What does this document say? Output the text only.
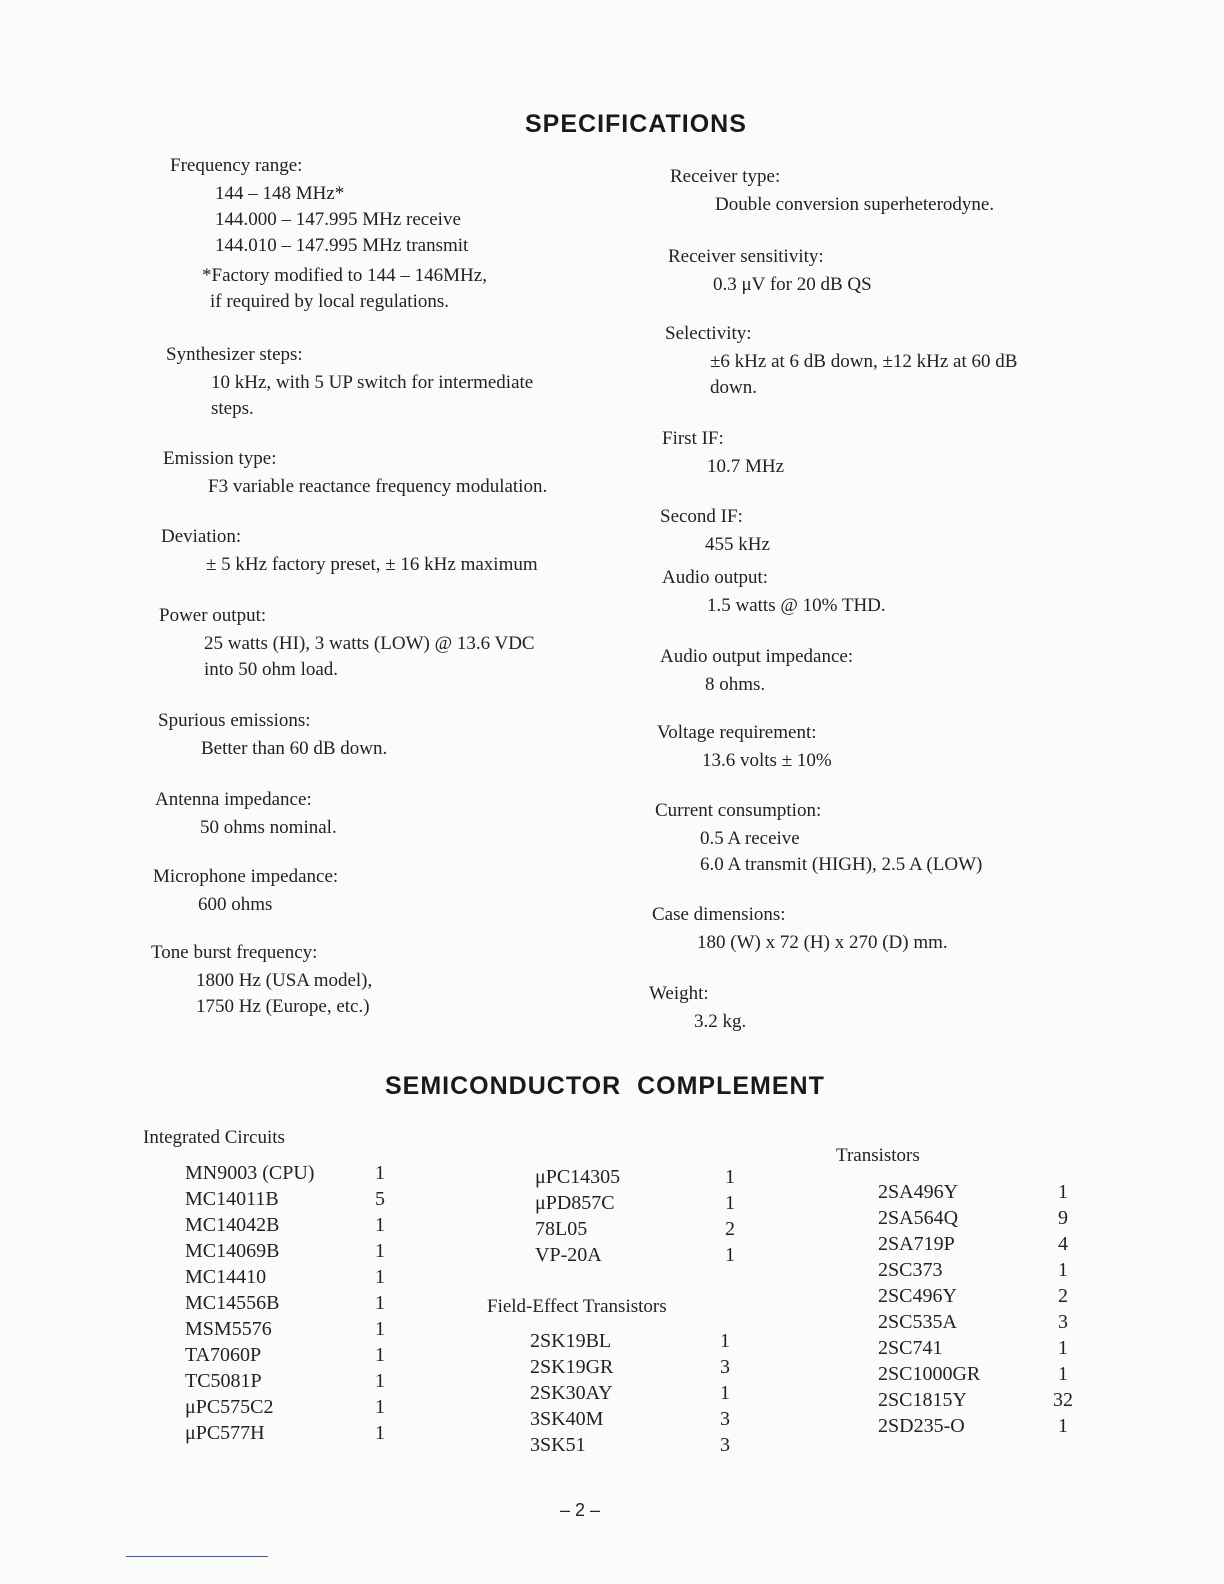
SPECIFICATIONS
SEMICONDUCTOR COMPLEMENT
Frequency range:
144 – 148 MHz*
144.000 – 147.995 MHz receive
144.010 – 147.995 MHz transmit
*Factory modified to 144 – 146MHz,
if required by local regulations.
Synthesizer steps:
10 kHz, with 5 UP switch for intermediate
steps.
Emission type:
F3 variable reactance frequency modulation.
Deviation:
± 5 kHz factory preset, ± 16 kHz maximum
Power output:
25 watts (HI), 3 watts (LOW) @ 13.6 VDC
into 50 ohm load.
Spurious emissions:
Better than 60 dB down.
Antenna impedance:
50 ohms nominal.
Microphone impedance:
600 ohms
Tone burst frequency:
1800 Hz (USA model),
1750 Hz (Europe, etc.)
Receiver type:
Double conversion superheterodyne.
Receiver sensitivity:
0.3 μV for 20 dB QS
Selectivity:
±6 kHz at 6 dB down, ±12 kHz at 60 dB
down.
First IF:
10.7 MHz
Second IF:
455 kHz
Audio output:
1.5 watts @ 10% THD.
Audio output impedance:
8 ohms.
Voltage requirement:
13.6 volts ± 10%
Current consumption:
0.5 A receive
6.0 A transmit (HIGH), 2.5 A (LOW)
Case dimensions:
180 (W) x 72 (H) x 270 (D) mm.
Weight:
3.2 kg.
Integrated Circuits
MN9003 (CPU)	1
MC14011B	5
MC14042B	1
MC14069B	1
MC14410	1
MC14556B	1
MSM5576	1
TA7060P	1
TC5081P	1
μPC575C2	1
μPC577H	1
μPC14305	1
μPD857C	1
78L05	2
VP-20A	1
Field-Effect Transistors
2SK19BL	1
2SK19GR	3
2SK30AY	1
3SK40M	3
3SK51	3
Transistors
2SA496Y	1
2SA564Q	9
2SA719P	4
2SC373	1
2SC496Y	2
2SC535A	3
2SC741	1
2SC1000GR	1
2SC1815Y	32
2SD235-O	1
– 2 –
